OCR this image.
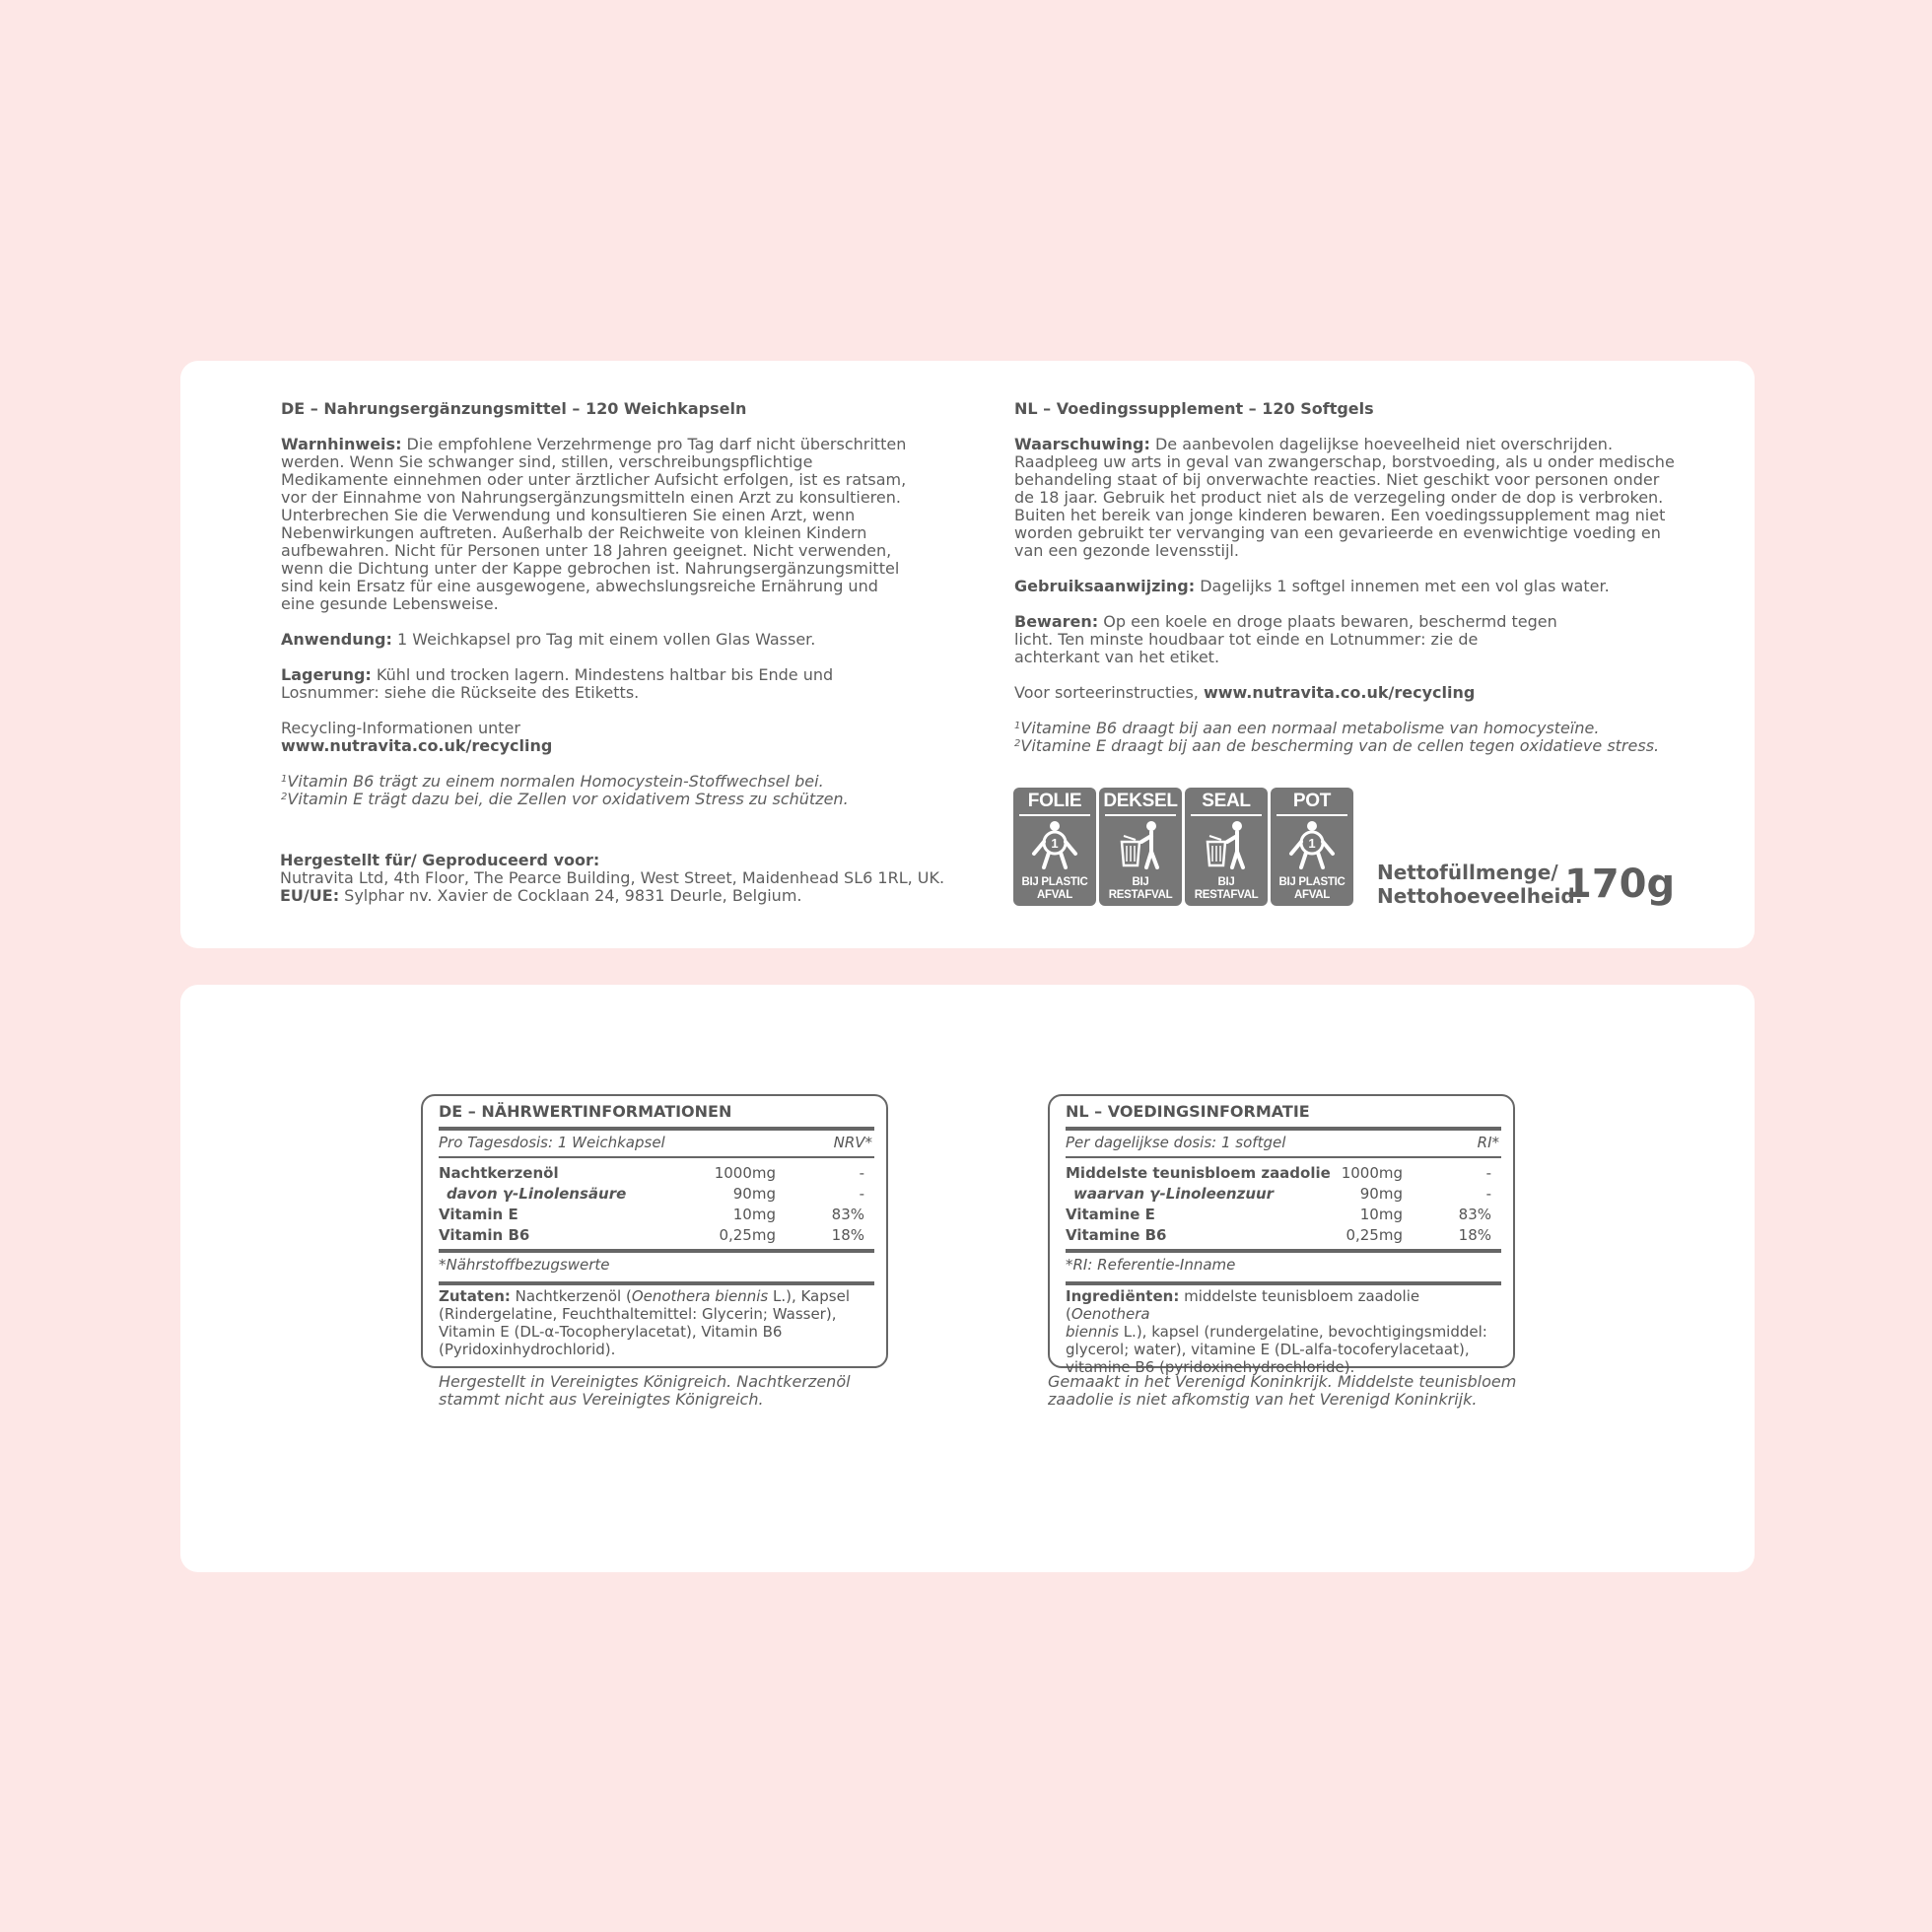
DE – Nahrungsergänzungsmittel – 120 Weichkapseln

Warnhinweis: Die empfohlene Verzehrmenge pro Tag darf nicht überschritten

werden. Wenn Sie schwanger sind, stillen, verschreibungspflichtige

Medikamente einnehmen oder unter ärztlicher Aufsicht erfolgen, ist es ratsam,

vor der Einnahme von Nahrungsergänzungsmitteln einen Arzt zu konsultieren.

Unterbrechen Sie die Verwendung und konsultieren Sie einen Arzt, wenn

Nebenwirkungen auftreten. Außerhalb der Reichweite von kleinen Kindern

aufbewahren. Nicht für Personen unter 18 Jahren geeignet. Nicht verwenden,

wenn die Dichtung unter der Kappe gebrochen ist. Nahrungsergänzungsmittel

sind kein Ersatz für eine ausgewogene, abwechslungsreiche Ernährung und

eine gesunde Lebensweise.

Anwendung: 1 Weichkapsel pro Tag mit einem vollen Glas Wasser.

Lagerung: Kühl und trocken lagern. Mindestens haltbar bis Ende und

Losnummer: siehe die Rückseite des Etiketts.

Recycling-Informationen unter

www.nutravita.co.uk/recycling

$^1$Vitamin B6 trägt zu einem normalen Homocystein-Stoffwechsel bei.

$^2$Vitamin E trägt dazu bei, die Zellen vor oxidativem Stress zu schützen.

Hergestellt für/ Geproduceerd voor:

Nutravita Ltd, 4th Floor, The Pearce Building, West Street, Maidenhead SL6 1RL, UK.

EU/UE: Sylphar nv. Xavier de Cocklaan 24, 9831 Deurle, Belgium.

NL – Voedingssupplement – 120 Softgels

Waarschuwing: De aanbevolen dagelijkse hoeveelheid niet overschrijden.

Raadpleeg uw arts in geval van zwangerschap, borstvoeding, als u onder medische

behandeling staat of bij onverwachte reacties. Niet geschikt voor personen onder

de 18 jaar. Gebruik het product niet als de verzegeling onder de dop is verbroken.

Buiten het bereik van jonge kinderen bewaren. Een voedingssupplement mag niet

worden gebruikt ter vervanging van een gevarieerde en evenwichtige voeding en

van een gezonde levensstijl.

Gebruiksaanwijzing: Dagelijks 1 softgel innemen met een vol glas water.

Bewaren: Op een koele en droge plaats bewaren, beschermd tegen

licht. Ten minste houdbaar tot einde en Lotnummer: zie de

achterkant van het etiket.

Voor sorteerinstructies, www.nutravita.co.uk/recycling

$^1$Vitamine B6 draagt bij aan een normaal metabolisme van homocysteïne.

$^2$Vitamine E draagt bij aan de bescherming van de cellen tegen oxidatieve stress.

FOLIE
1
BIJ PLASTIC
AFVAL
DEKSEL
BIJ
RESTAFVAL
SEAL
BIJ
RESTAFVAL
POT
1
BIJ PLASTIC
AFVAL

Nettofüllmenge/

Nettohoeveelheid:

170g
DE – NÄHRWERTINFORMATIONEN
Pro Tagesdosis: 1 Weichkapsel	NRV*
Nachtkerzenöl	1000mg	-
davon γ-Linolensäure	90mg	-
Vitamin E	10mg	83%
Vitamin B6	0,25mg	18%
*Nährstoffbezugswerte
Zutaten: Nachtkerzenöl (Oenothera biennis L.), Kapsel
(Rindergelatine, Feuchthaltemittel: Glycerin; Wasser),
Vitamin E (DL-α-Tocopherylacetat), Vitamin B6
(Pyridoxinhydrochlorid).

Hergestellt in Vereinigtes Königreich. Nachtkerzenöl

stammt nicht aus Vereinigtes Königreich.

NL – VOEDINGSINFORMATIE
Per dagelijkse dosis: 1 softgel	RI*
Middelste teunisbloem zaadolie 1000mg	-
waarvan γ-Linoleenzuur	90mg	-
Vitamine E	10mg	83%
Vitamine B6	0,25mg	18%
*RI: Referentie-Inname
Ingrediënten: middelste teunisbloem zaadolie (Oenothera
biennis L.), kapsel (rundergelatine, bevochtigingsmiddel:
glycerol; water), vitamine E (DL-alfa-tocoferylacetaat),
vitamine B6 (pyridoxinehydrochloride).

Gemaakt in het Verenigd Koninkrijk. Middelste teunisbloem

zaadolie is niet afkomstig van het Verenigd Koninkrijk.
